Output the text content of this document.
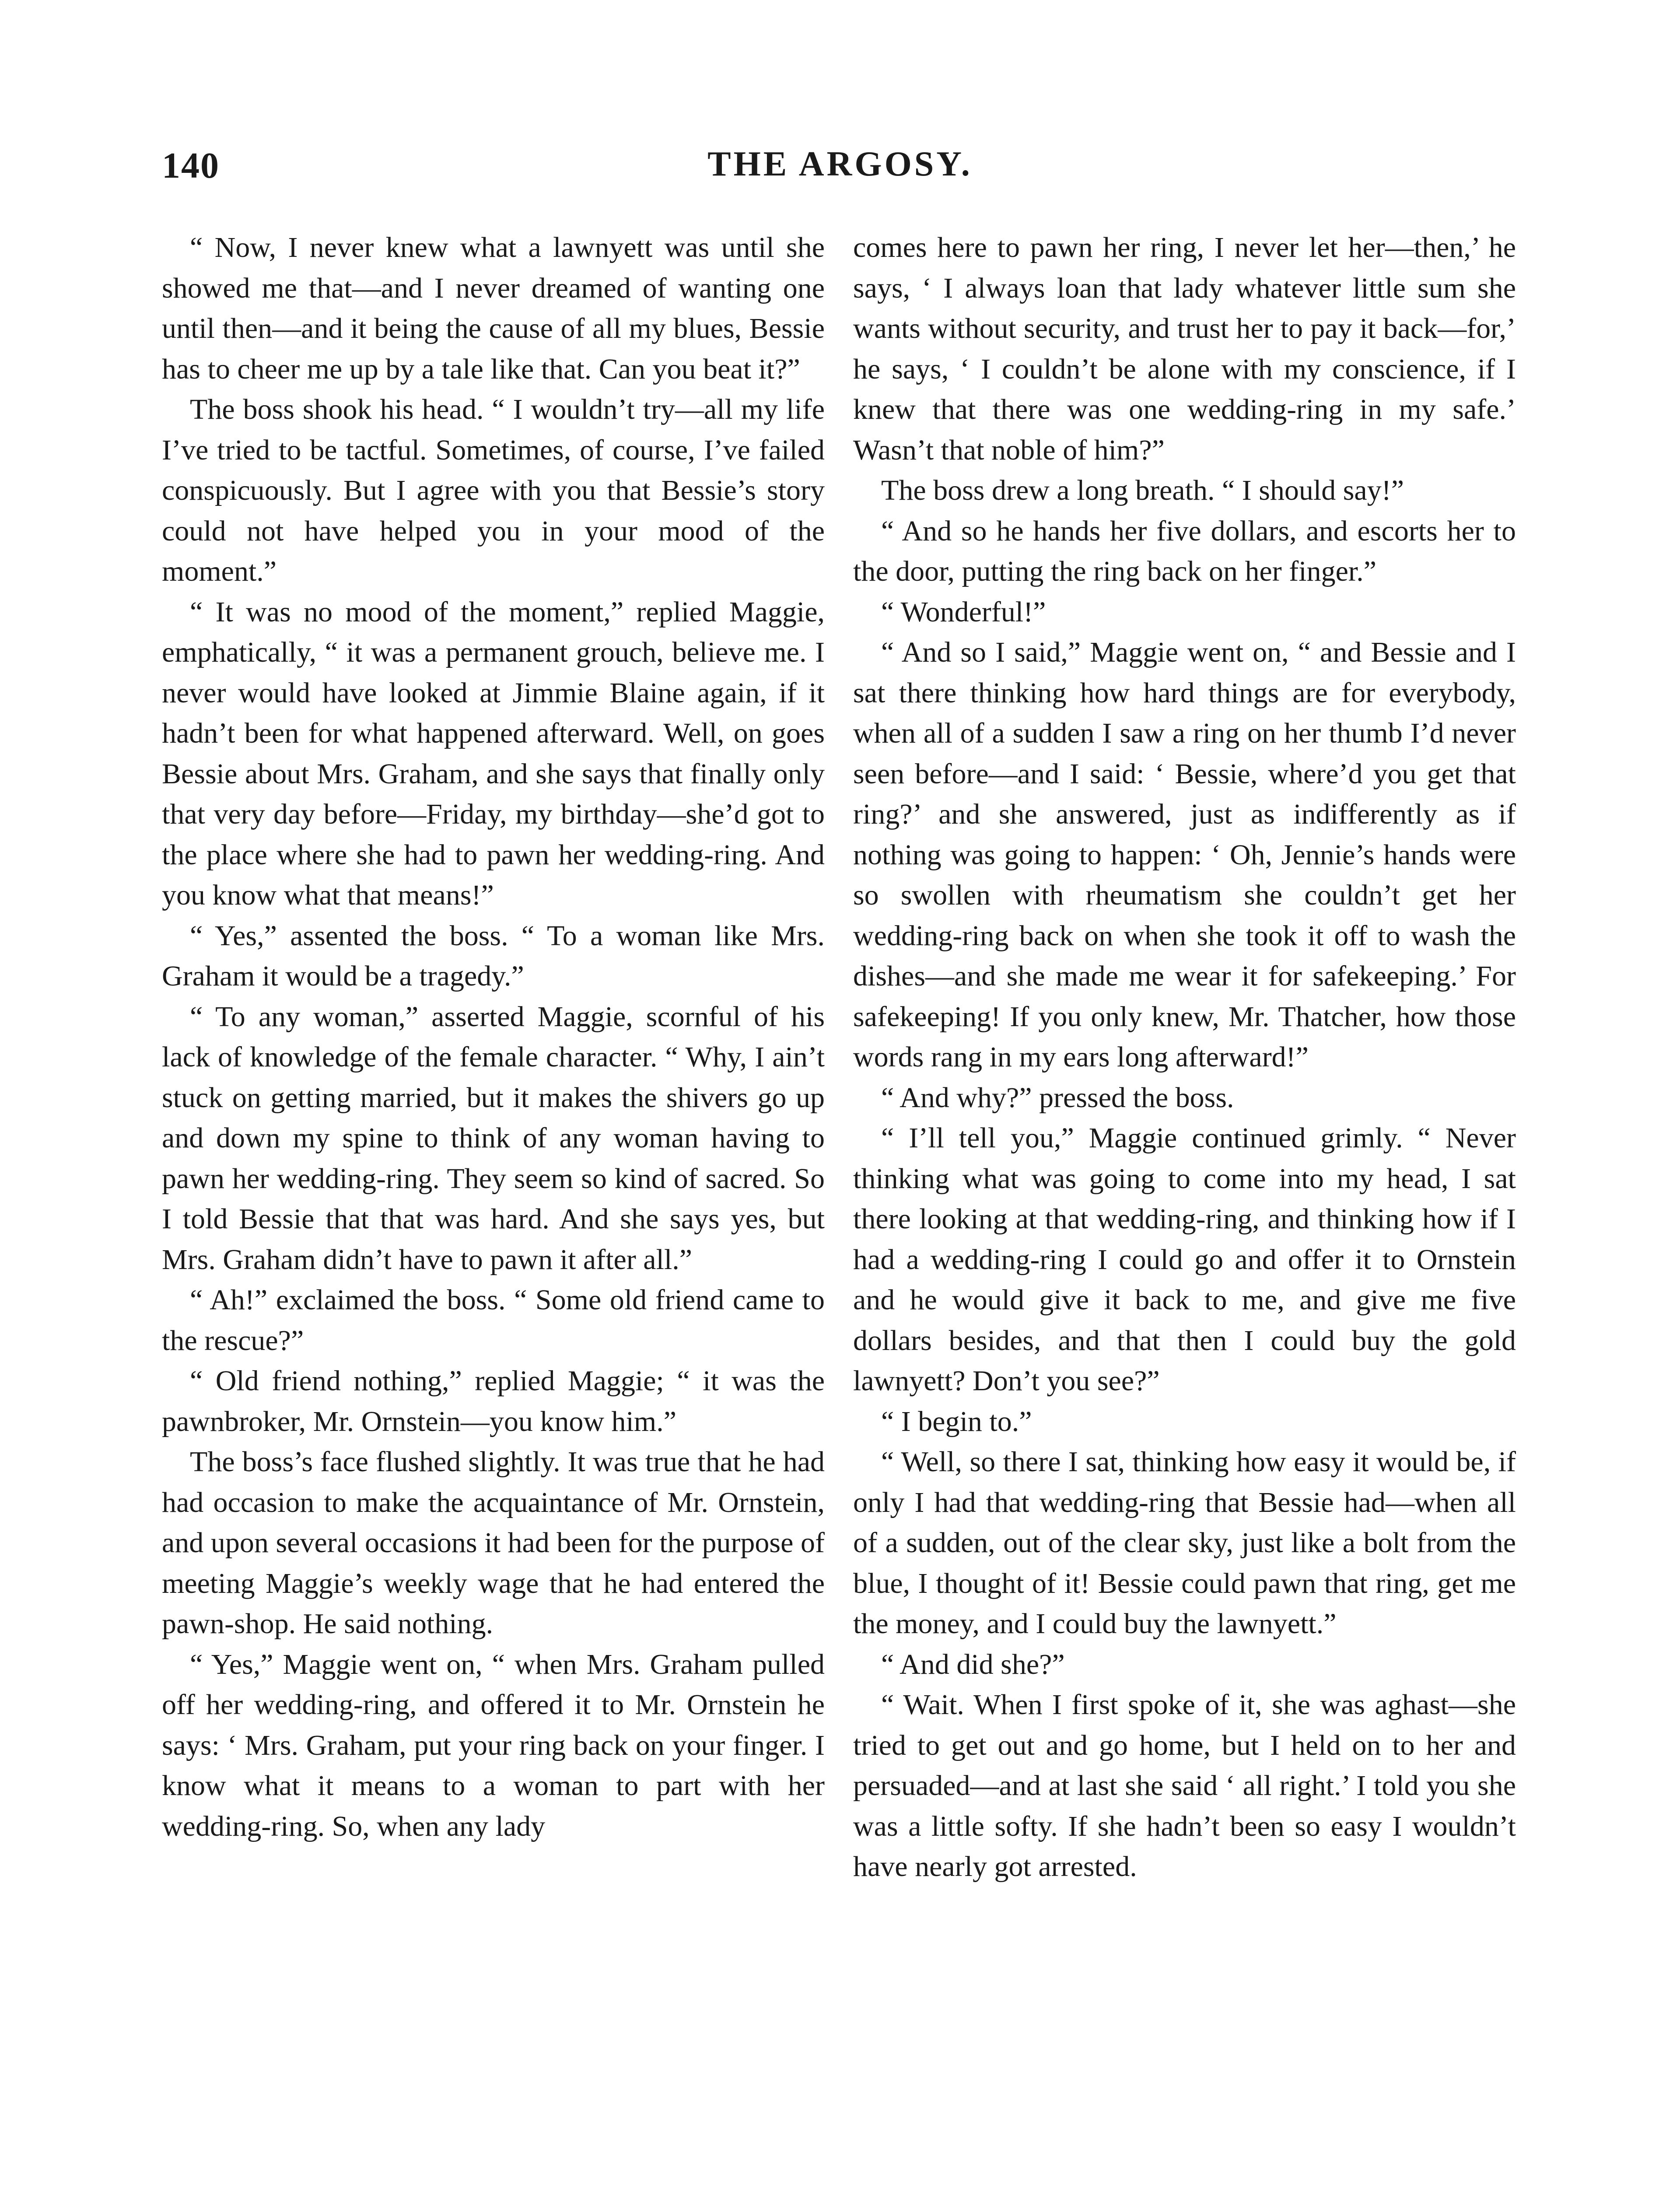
140	THE ARGOSY.

“ Now, I never knew what a lawnyett was until she showed me that—and I never dreamed of wanting one until then—and it being the cause of all my blues, Bessie has to cheer me up by a tale like that. Can you beat it?”

The boss shook his head. “ I wouldn’t try—all my life I’ve tried to be tactful. Sometimes, of course, I’ve failed conspicuously. But I agree with you that Bessie’s story could not have helped you in your mood of the moment.”

“ It was no mood of the moment,” replied Maggie, emphatically, “ it was a permanent grouch, believe me. I never would have looked at Jimmie Blaine again, if it hadn’t been for what happened afterward. Well, on goes Bessie about Mrs. Graham, and she says that finally only that very day before—Friday, my birthday—she’d got to the place where she had to pawn her wedding-ring. And you know what that means!”

“ Yes,” assented the boss. “ To a woman like Mrs. Graham it would be a tragedy.”

“ To any woman,” asserted Maggie, scornful of his lack of knowledge of the female character. “ Why, I ain’t stuck on getting married, but it makes the shivers go up and down my spine to think of any woman having to pawn her wedding-ring. They seem so kind of sacred. So I told Bessie that that was hard. And she says yes, but Mrs. Graham didn’t have to pawn it after all.”

“ Ah!” exclaimed the boss. “ Some old friend came to the rescue?”

“ Old friend nothing,” replied Maggie; “ it was the pawnbroker, Mr. Ornstein—you know him.”

The boss’s face flushed slightly. It was true that he had had occasion to make the acquaintance of Mr. Ornstein, and upon several occasions it had been for the purpose of meeting Maggie’s weekly wage that he had entered the pawn-shop. He said nothing.

“ Yes,” Maggie went on, “ when Mrs. Graham pulled off her wedding-ring, and offered it to Mr. Ornstein he says: ‘ Mrs. Graham, put your ring back on your finger. I know what it means to a woman to part with her wedding-ring. So, when any lady

comes here to pawn her ring, I never let her—then,’ he says, ‘ I always loan that lady whatever little sum she wants without security, and trust her to pay it back—for,’ he says, ‘ I couldn’t be alone with my conscience, if I knew that there was one wedding-ring in my safe.’ Wasn’t that noble of him?”

The boss drew a long breath. “ I should say!”

“ And so he hands her five dollars, and escorts her to the door, putting the ring back on her finger.”

“ Wonderful!”

“ And so I said,” Maggie went on, “ and Bessie and I sat there thinking how hard things are for everybody, when all of a sudden I saw a ring on her thumb I’d never seen before—and I said: ‘ Bessie, where’d you get that ring?’ and she answered, just as indifferently as if nothing was going to happen: ‘ Oh, Jennie’s hands were so swollen with rheumatism she couldn’t get her wedding-ring back on when she took it off to wash the dishes—and she made me wear it for safekeeping.’ For safekeeping! If you only knew, Mr. Thatcher, how those words rang in my ears long afterward!”

“ And why?” pressed the boss.

“ I’ll tell you,” Maggie continued grimly. “ Never thinking what was going to come into my head, I sat there looking at that wedding-ring, and thinking how if I had a wedding-ring I could go and offer it to Ornstein and he would give it back to me, and give me five dollars besides, and that then I could buy the gold lawnyett? Don’t you see?”

“ I begin to.”

“ Well, so there I sat, thinking how easy it would be, if only I had that wedding-ring that Bessie had—when all of a sudden, out of the clear sky, just like a bolt from the blue, I thought of it! Bessie could pawn that ring, get me the money, and I could buy the lawnyett.”

“ And did she?”

“ Wait. When I first spoke of it, she was aghast—she tried to get out and go home, but I held on to her and persuaded—and at last she said ‘ all right.’ I told you she was a little softy. If she hadn’t been so easy I wouldn’t have nearly got arrested.
